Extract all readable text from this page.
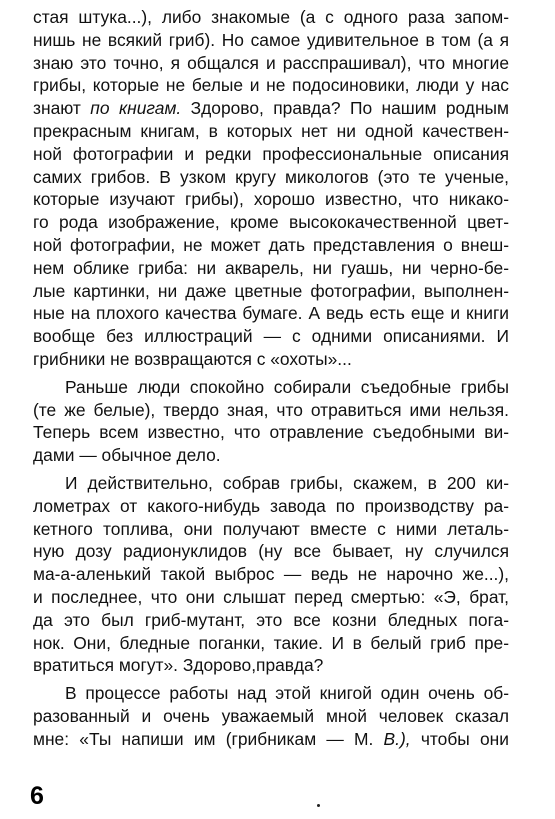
стая штука...), либо знакомые (а с одного раза запом-
нишь не всякий гриб). Но самое удивительное в том (а я
знаю это точно, я общался и расспрашивал), что многие
грибы, которые не белые и не подосиновики, люди у нас
знают по книгам. Здорово, правда? По нашим родным
прекрасным книгам, в которых нет ни одной качествен-
ной фотографии и редки профессиональные описания
самих грибов. В узком кругу микологов (это те ученые,
которые изучают грибы), хорошо известно, что никако-
го рода изображение, кроме высококачественной цвет-
ной фотографии, не может дать представления о внеш-
нем облике гриба: ни акварель, ни гуашь, ни черно-бе-
лые картинки, ни даже цветные фотографии, выполнен-
ные на плохого качества бумаге. А ведь есть еще и книги
вообще без иллюстраций — с одними описаниями. И
грибники не возвращаются с «охоты»...
Раньше люди спокойно собирали съедобные грибы
(те же белые), твердо зная, что отравиться ими нельзя.
Теперь всем известно, что отравление съедобными ви-
дами — обычное дело.
И действительно, собрав грибы, скажем, в 200 ки-
лометрах от какого-нибудь завода по производству ра-
кетного топлива, они получают вместе с ними леталь-
ную дозу радионуклидов (ну все бывает, ну случился
ма-а-аленький такой выброс — ведь не нарочно же...),
и последнее, что они слышат перед смертью: «Э, брат,
да это был гриб-мутант, это все козни бледных пога-
нок. Они, бледные поганки, такие. И в белый гриб пре-
вратиться могут». Здорово,правда?
В процессе работы над этой книгой один очень об-
разованный и очень уважаемый мной человек сказал
мне: «Ты напиши им (грибникам — М. В.), чтобы они
6
